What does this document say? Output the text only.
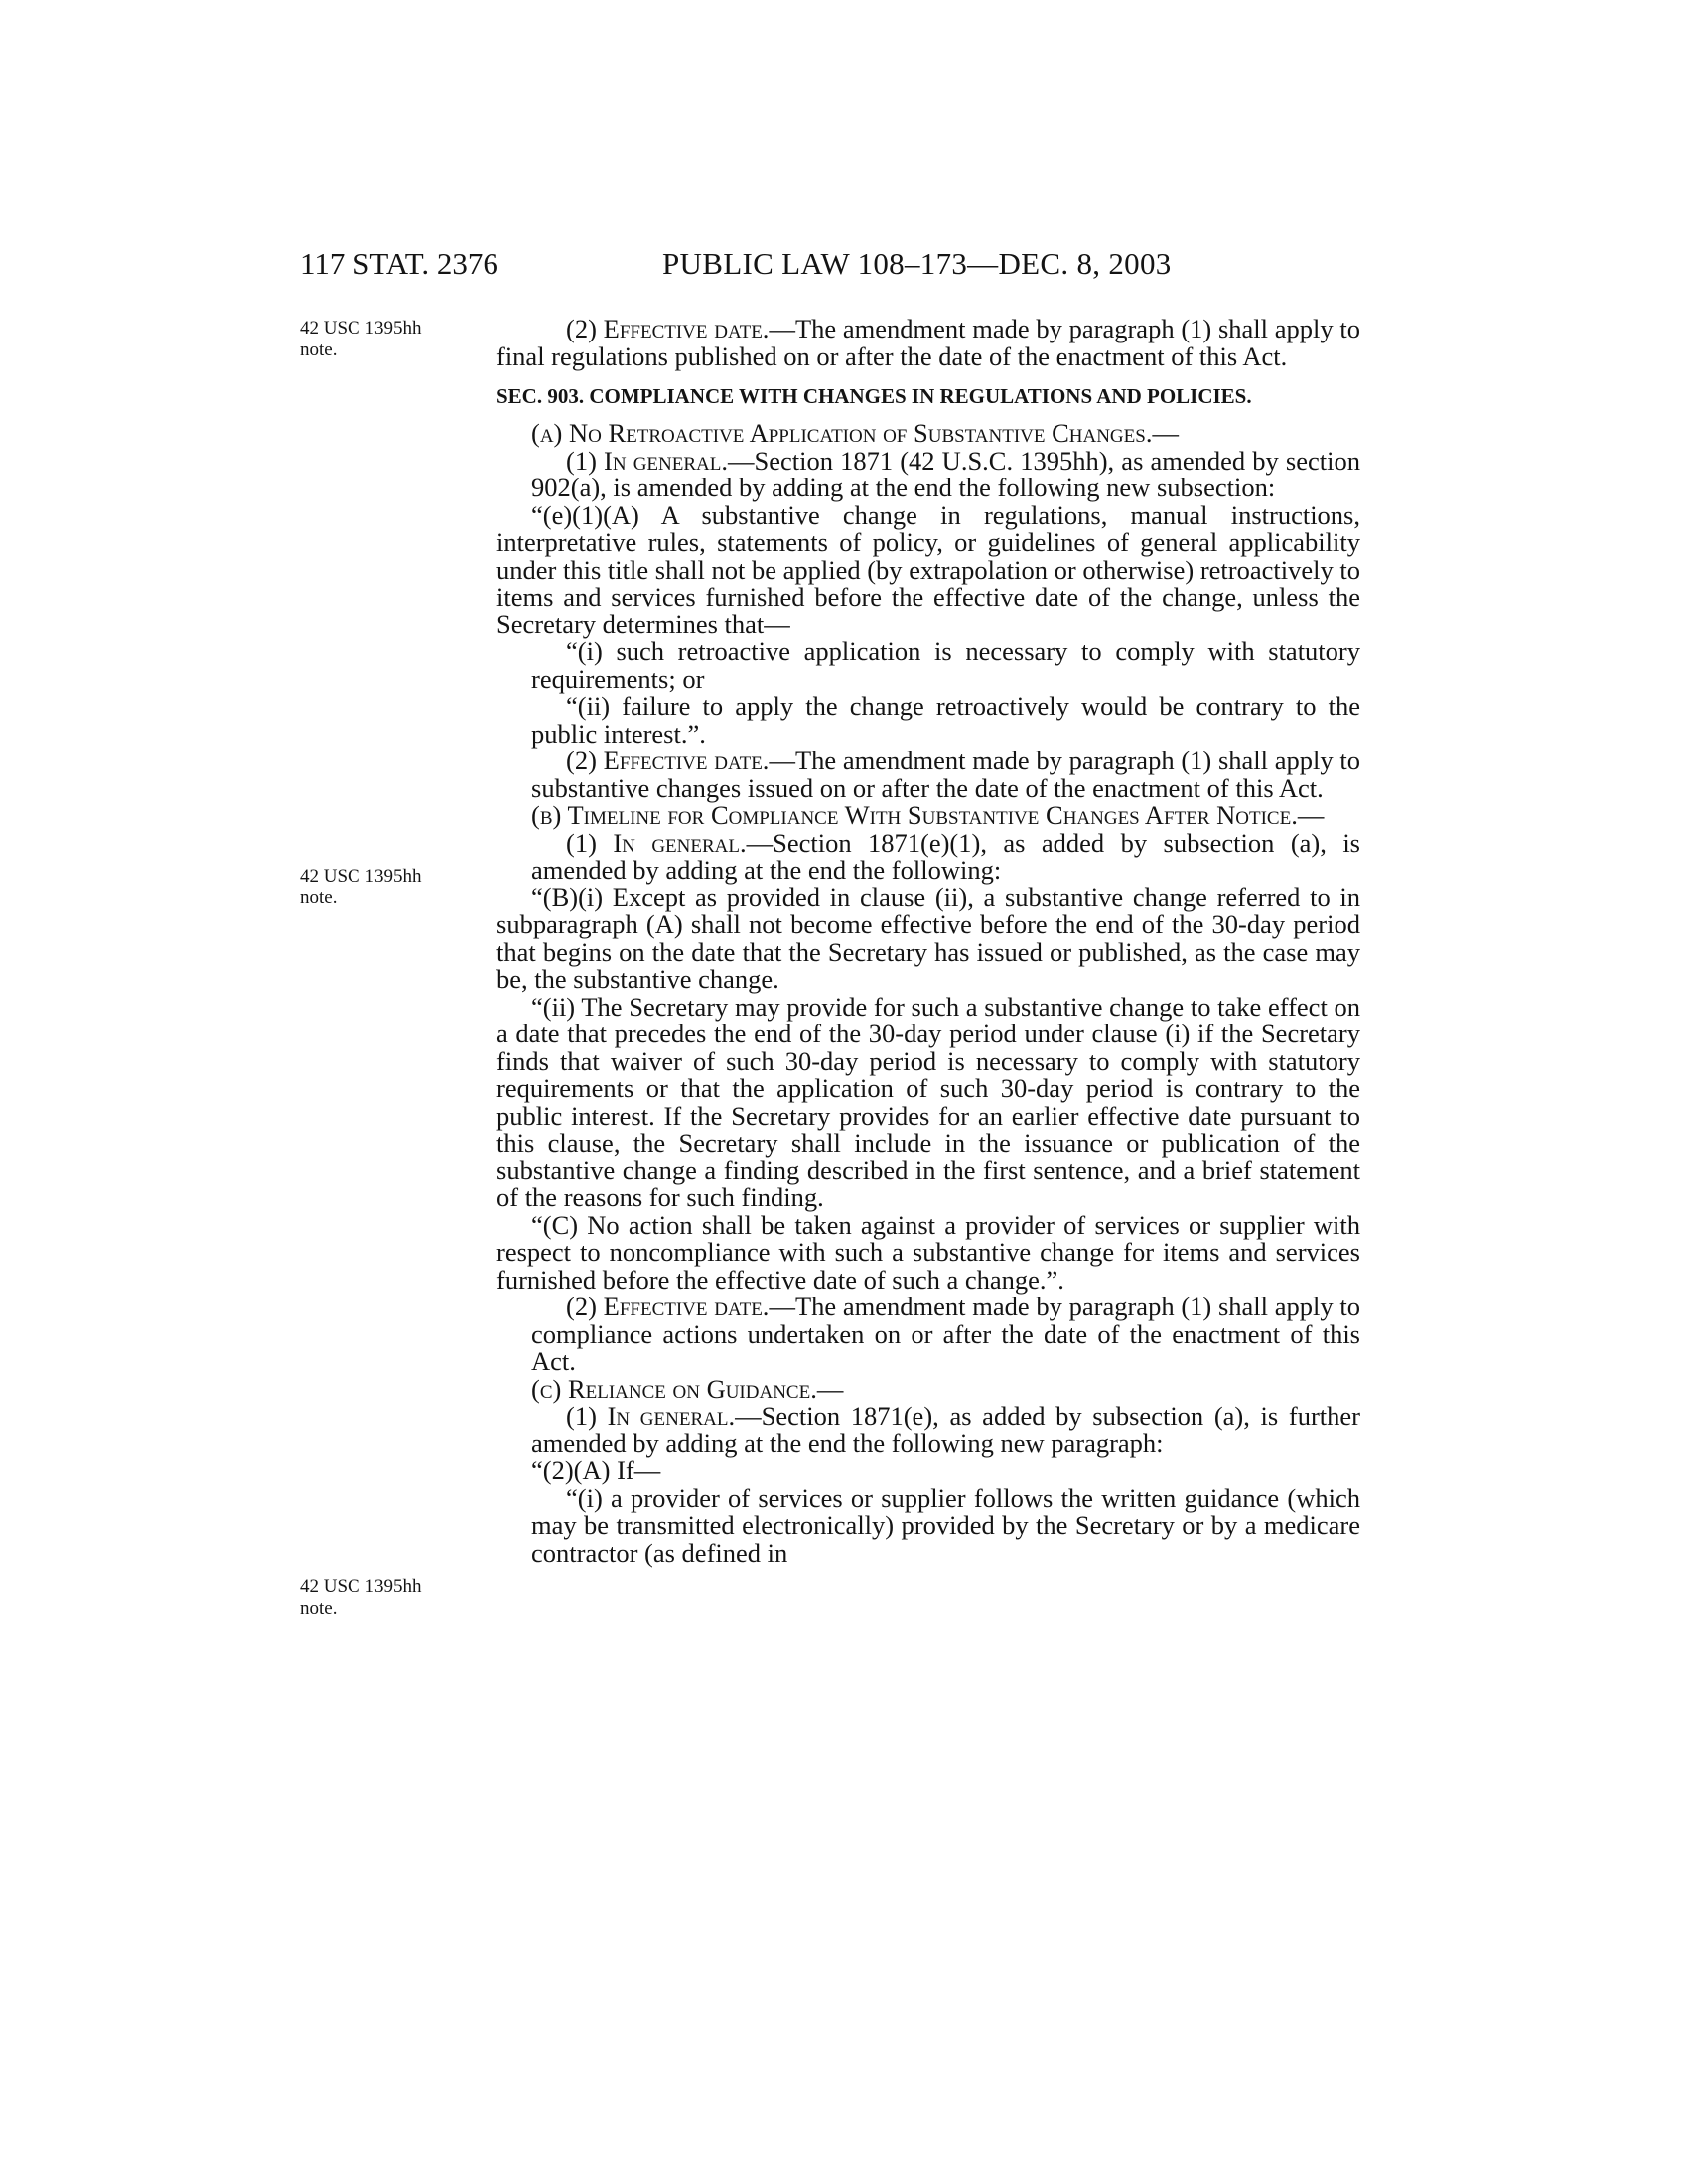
117 STAT. 2376	PUBLIC LAW 108–173—DEC. 8, 2003
42 USC 1395hh
note.
42 USC 1395hh
note.
42 USC 1395hh
note.

(2) Effective date.—The amendment made by paragraph (1) shall apply to final regulations published on or after the date of the enactment of this Act.

SEC. 903. COMPLIANCE WITH CHANGES IN REGULATIONS AND POLICIES.

(a) No Retroactive Application of Substantive Changes.—

(1) In general.—Section 1871 (42 U.S.C. 1395hh), as amended by section 902(a), is amended by adding at the end the following new subsection:

“(e)(1)(A) A substantive change in regulations, manual instructions, interpretative rules, statements of policy, or guidelines of general applicability under this title shall not be applied (by extrapolation or otherwise) retroactively to items and services furnished before the effective date of the change, unless the Secretary determines that—

“(i) such retroactive application is necessary to comply with statutory requirements; or

“(ii) failure to apply the change retroactively would be contrary to the public interest.”.

(2) Effective date.—The amendment made by paragraph (1) shall apply to substantive changes issued on or after the date of the enactment of this Act.

(b) Timeline for Compliance With Substantive Changes After Notice.—

(1) In general.—Section 1871(e)(1), as added by subsection (a), is amended by adding at the end the following:

“(B)(i) Except as provided in clause (ii), a substantive change referred to in subparagraph (A) shall not become effective before the end of the 30-day period that begins on the date that the Secretary has issued or published, as the case may be, the substantive change.

“(ii) The Secretary may provide for such a substantive change to take effect on a date that precedes the end of the 30-day period under clause (i) if the Secretary finds that waiver of such 30-day period is necessary to comply with statutory requirements or that the application of such 30-day period is contrary to the public interest. If the Secretary provides for an earlier effective date pursuant to this clause, the Secretary shall include in the issuance or publication of the substantive change a finding described in the first sentence, and a brief statement of the reasons for such finding.

“(C) No action shall be taken against a provider of services or supplier with respect to noncompliance with such a substantive change for items and services furnished before the effective date of such a change.”.

(2) Effective date.—The amendment made by paragraph (1) shall apply to compliance actions undertaken on or after the date of the enactment of this Act.

(c) Reliance on Guidance.—

(1) In general.—Section 1871(e), as added by subsection (a), is further amended by adding at the end the following new paragraph:

“(2)(A) If—

“(i) a provider of services or supplier follows the written guidance (which may be transmitted electronically) provided by the Secretary or by a medicare contractor (as defined in
